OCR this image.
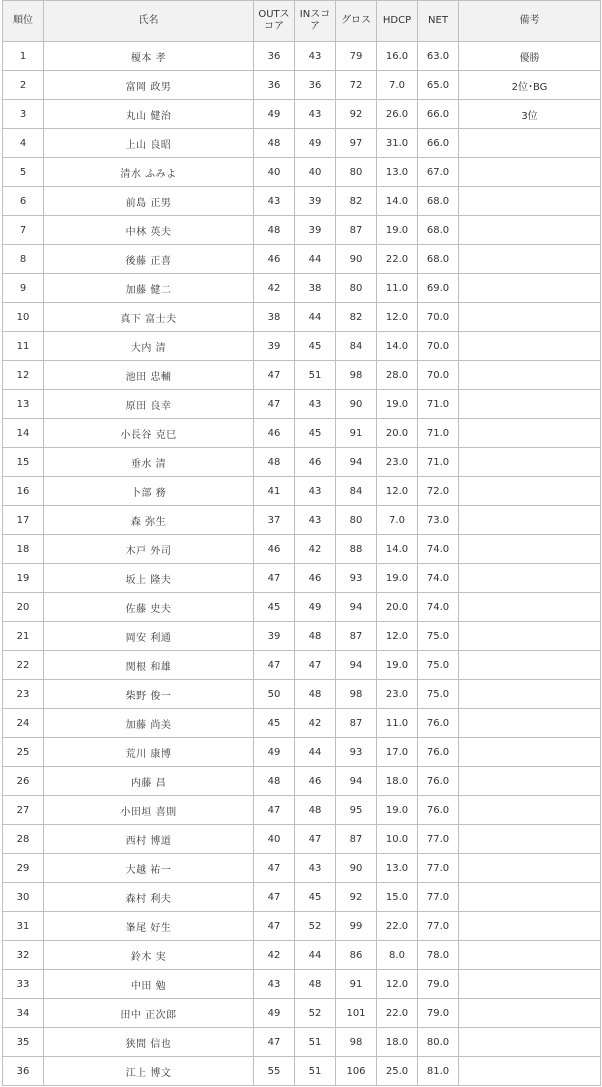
順位	氏名	OUTスコア	INスコア	グロス	HDCP	NET	備考
1	榎本 孝	36	43	79	16.0	63.0	優勝
2	富岡 政男	36	36	72	7.0	65.0	2位･BG
3	丸山 健治	49	43	92	26.0	66.0	3位
4	上山 良昭	48	49	97	31.0	66.0	
5	清水 ふみよ	40	40	80	13.0	67.0	
6	前島 正男	43	39	82	14.0	68.0	
7	中林 英夫	48	39	87	19.0	68.0	
8	後藤 正喜	46	44	90	22.0	68.0	
9	加藤 健二	42	38	80	11.0	69.0	
10	真下 富士夫	38	44	82	12.0	70.0	
11	大内 清	39	45	84	14.0	70.0	
12	池田 忠輔	47	51	98	28.0	70.0	
13	原田 良幸	47	43	90	19.0	71.0	
14	小長谷 克巳	46	45	91	20.0	71.0	
15	垂水 清	48	46	94	23.0	71.0	
16	卜部 務	41	43	84	12.0	72.0	
17	森 弥生	37	43	80	7.0	73.0	
18	木戸 外司	46	42	88	14.0	74.0	
19	坂上 隆夫	47	46	93	19.0	74.0	
20	佐藤 史夫	45	49	94	20.0	74.0	
21	岡安 利通	39	48	87	12.0	75.0	
22	関根 和雄	47	47	94	19.0	75.0	
23	柴野 俊一	50	48	98	23.0	75.0	
24	加藤 尚美	45	42	87	11.0	76.0	
25	荒川 康博	49	44	93	17.0	76.0	
26	内藤 昌	48	46	94	18.0	76.0	
27	小田垣 喜則	47	48	95	19.0	76.0	
28	西村 博道	40	47	87	10.0	77.0	
29	大越 祐一	47	43	90	13.0	77.0	
30	森村 利夫	47	45	92	15.0	77.0	
31	峯尾 好生	47	52	99	22.0	77.0	
32	鈴木 実	42	44	86	8.0	78.0	
33	中田 勉	43	48	91	12.0	79.0	
34	田中 正次郎	49	52	101	22.0	79.0	
35	狭間 信也	47	51	98	18.0	80.0	
36	江上 博文	55	51	106	25.0	81.0	
